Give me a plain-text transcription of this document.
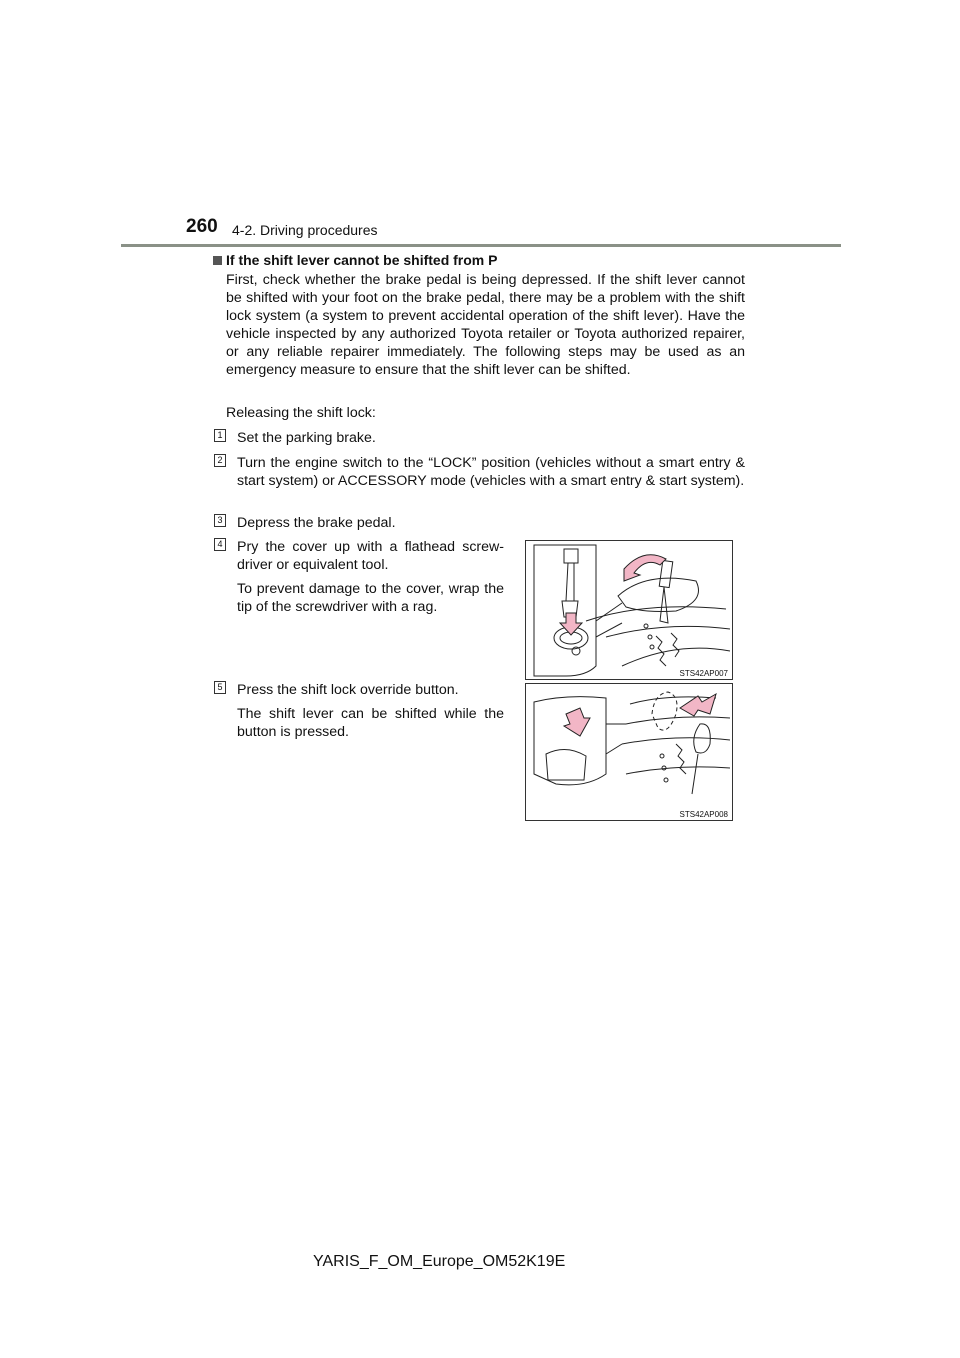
260 4-2. Driving procedures
If the shift lever cannot be shifted from P
First, check whether the brake pedal is being depressed. If the shift lever cannot be shifted with your foot on the brake pedal, there may be a problem with the shift lock system (a system to prevent accidental operation of the shift lever). Have the vehicle inspected by any authorized Toyota retailer or Toyota authorized repairer, or any reliable repairer immediately. The following steps may be used as an emergency measure to ensure that the shift lever can be shifted.
Releasing the shift lock:
1 Set the parking brake.
2 Turn the engine switch to the “LOCK” position (vehicles without a smart entry & start system) or ACCESSORY mode (vehicles with a smart entry & start system).
3 Depress the brake pedal.
4 Pry the cover up with a flathead screw-driver or equivalent tool.
To prevent damage to the cover, wrap the tip of the screwdriver with a rag.
5 Press the shift lock override button.
The shift lever can be shifted while the button is pressed.
STS42AP007
STS42AP008
YARIS_F_OM_Europe_OM52K19E
